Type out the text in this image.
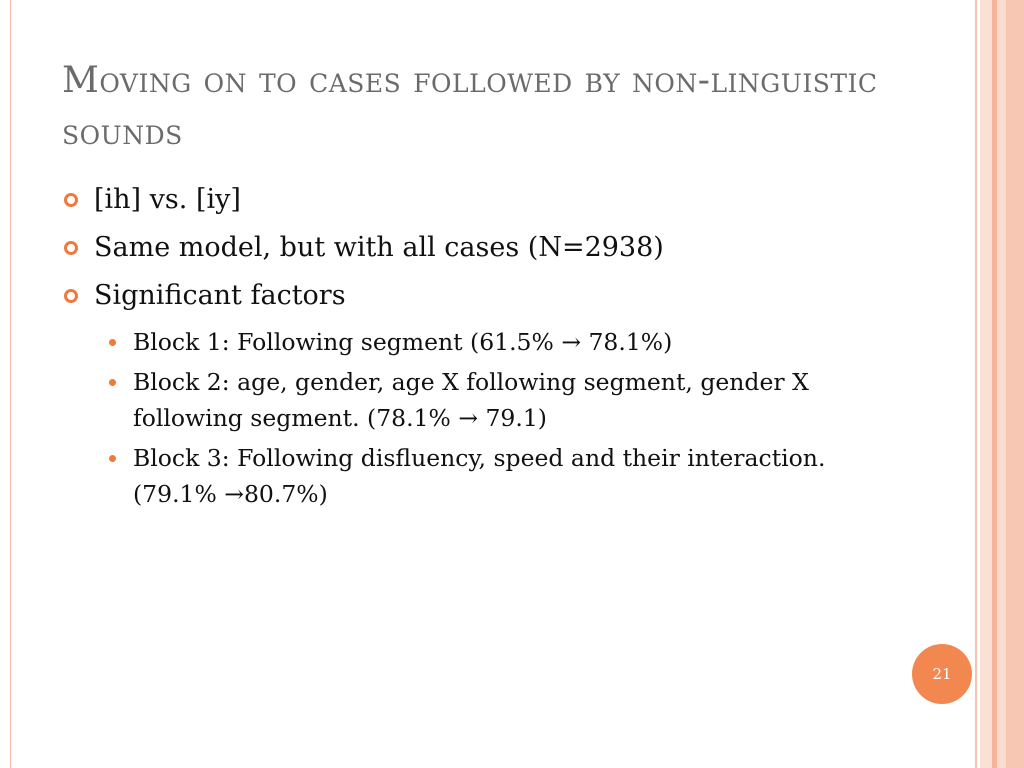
Moving on to cases followed by non-linguistic sounds
[ih] vs. [iy]
Same model, but with all cases (N=2938)
Significant factors
Block 1: Following segment (61.5% → 78.1%)
Block 2: age, gender, age X following segment, gender X following segment. (78.1% → 79.1)
Block 3: Following disfluency, speed and their interaction. (79.1% →80.7%)
21
